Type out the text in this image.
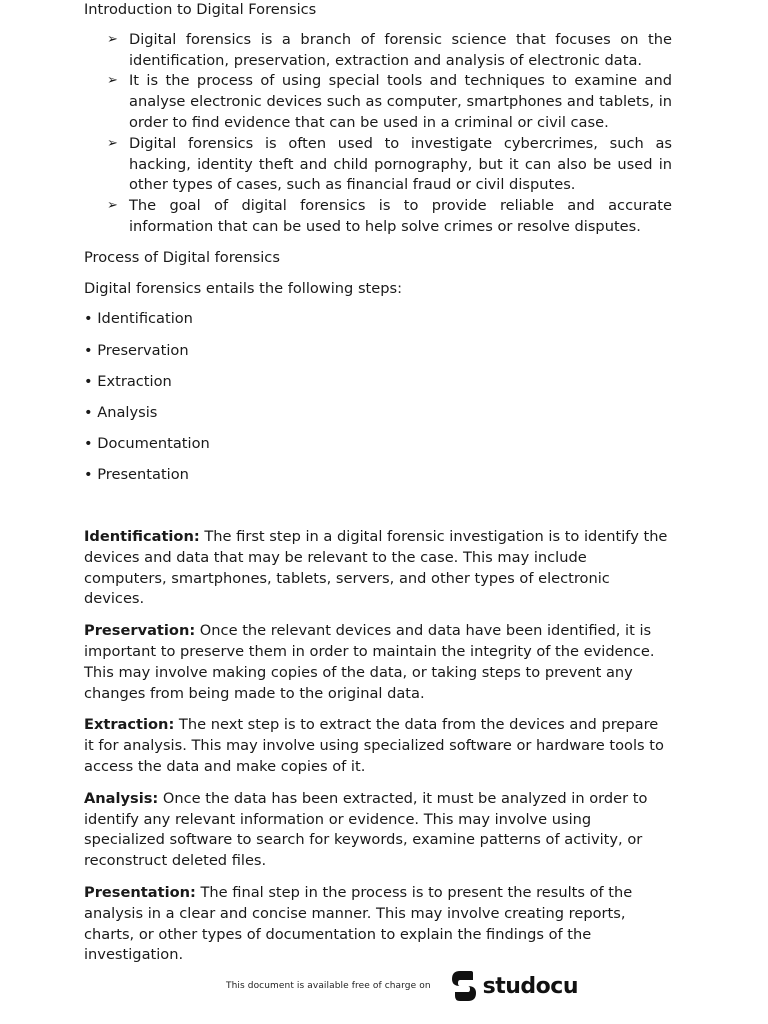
Introduction to Digital Forensics

➢ Digital forensics is a branch of forensic science that focuses on the identification, preservation, extraction and analysis of electronic data.
➢ It is the process of using special tools and techniques to examine and analyse electronic devices such as computer, smartphones and tablets, in order to find evidence that can be used in a criminal or civil case.
➢ Digital forensics is often used to investigate cybercrimes, such as hacking, identity theft and child pornography, but it can also be used in other types of cases, such as financial fraud or civil disputes.
➢ The goal of digital forensics is to provide reliable and accurate information that can be used to help solve crimes or resolve disputes.

Process of Digital forensics

Digital forensics entails the following steps:

• Identification
• Preservation
• Extraction
• Analysis
• Documentation
• Presentation

Identification: The first step in a digital forensic investigation is to identify the devices and data that may be relevant to the case. This may include computers, smartphones, tablets, servers, and other types of electronic devices.

Preservation: Once the relevant devices and data have been identified, it is important to preserve them in order to maintain the integrity of the evidence. This may involve making copies of the data, or taking steps to prevent any changes from being made to the original data.

Extraction: The next step is to extract the data from the devices and prepare it for analysis. This may involve using specialized software or hardware tools to access the data and make copies of it.

Analysis: Once the data has been extracted, it must be analyzed in order to identify any relevant information or evidence. This may involve using specialized software to search for keywords, examine patterns of activity, or reconstruct deleted files.

Presentation: The final step in the process is to present the results of the analysis in a clear and concise manner. This may involve creating reports, charts, or other types of documentation to explain the findings of the investigation.

This document is available free of charge on studocu
